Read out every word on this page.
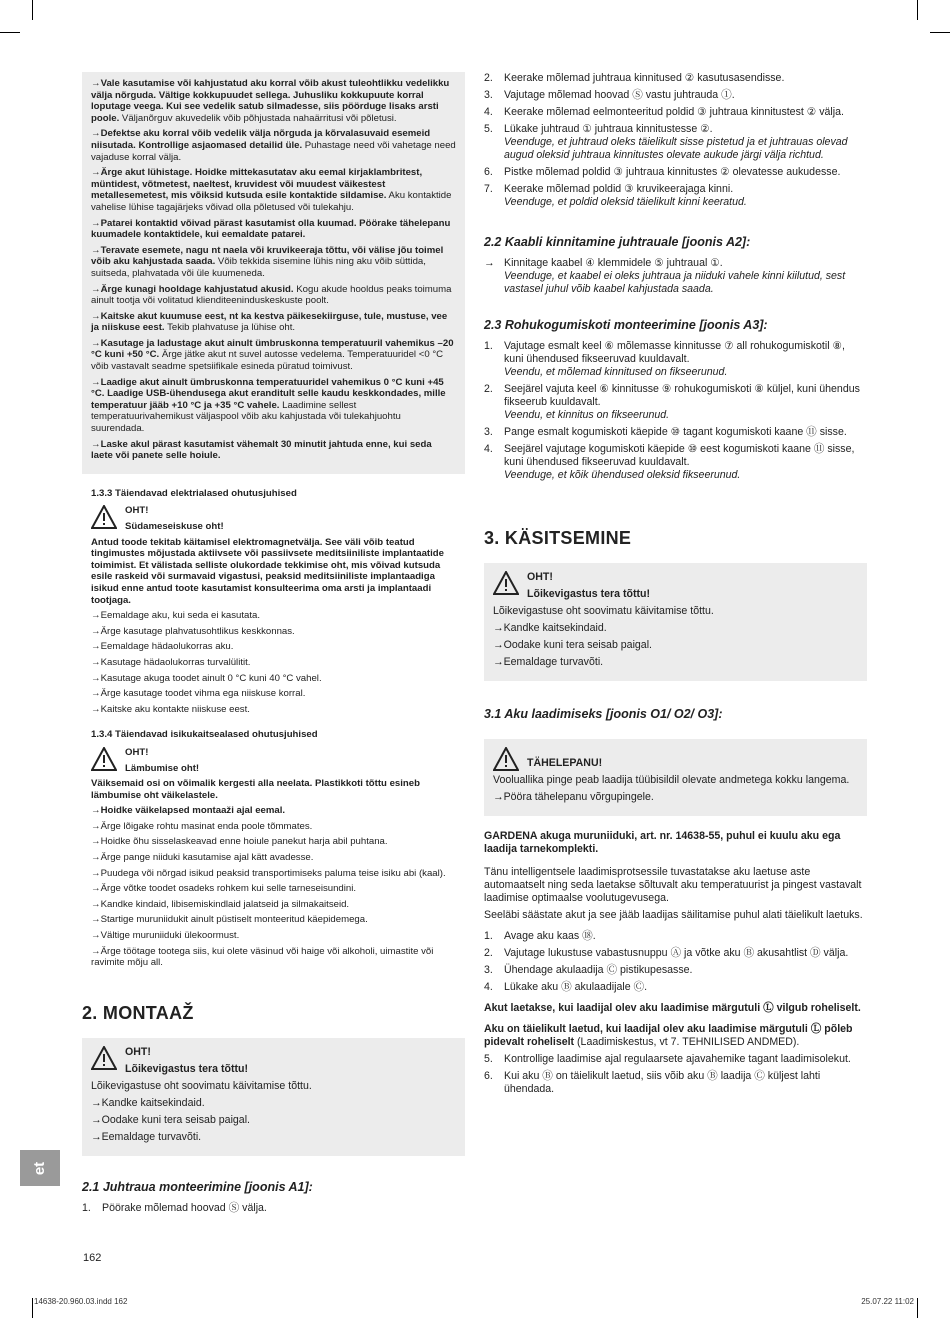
→ Vale kasutamise või kahjustatud aku korral võib akust tuleohtlikku vedelikku välja nõrguda. Vältige kokkupuudet sellega. Juhusliku kokkupuute korral loputage veega. Kui see vedelik satub silmadesse, siis pöörduge lisaks arsti poole. Väljanõrguv akuvedelik võib põhjustada nahaärritusi või põletusi.
→ Defektse aku korral võib vedelik välja nõrguda ja kõrvalasuvaid esemeid niisutada. Kontrollige asjaomased detailid üle. Puhastage need või vahetage need vajaduse korral välja.
→ Ärge akut lühistage. Hoidke mittekasutatav aku eemal kirjaklambritest, müntidest, võtmetest, naeltest, kruvidest või muudest väikestest metallesemetest, mis võiksid kutsuda esile kontaktide sildamise. Aku kontaktide vahelise lühise tagajärjeks võivad olla põletused või tulekahju.
→ Patarei kontaktid võivad pärast kasutamist olla kuumad. Pöörake tähelepanu kuumadele kontaktidele, kui eemaldate patarei.
→ Teravate esemete, nagu nt naela või kruvikeeraja tõttu, või välise jõu toimel võib aku kahjustada saada. Võib tekkida sisemine lühis ning aku võib süttida, suitseda, plahvatada või üle kuumeneda.
→ Ärge kunagi hooldage kahjustatud akusid. Kogu akude hooldus peaks toimuma ainult tootja või volitatud klienditeeninduskeskuste poolt.
→ Kaitske akut kuumuse eest, nt ka kestva päikesekiirguse, tule, mustuse, vee ja niiskuse eest. Tekib plahvatuse ja lühise oht.
→ Kasutage ja ladustage akut ainult ümbruskonna temperatuuril vahemikus –20 °C kuni +50 °C. Ärge jätke akut nt suvel autosse vedelema. Temperatuuridel <0 °C võib vastavalt seadme spetsiifikale esineda püratud toimivust.
→ Laadige akut ainult ümbruskonna temperatuuridel vahemikus 0 °C kuni +45 °C. Laadige USB-ühendusega akut eranditult selle kaudu keskkondades, mille temperatuur jääb +10 °C ja +35 °C vahele. Laadimine sellest temperatuurivahemikust väljaspool võib aku kahjustada või tulekahjuohtu suurendada.
→ Laske akul pärast kasutamist vähemalt 30 minutit jahtuda enne, kui seda laete või panete selle hoiule.
1.3.3 Täiendavad elektrialased ohutusjuhised
OHT!
Südameseiskuse oht!
Antud toode tekitab käitamisel elektromagnetvälja. See väli võib teatud tingimustes mõjustada aktiivsete või passiivsete meditsiiniliste implantaatide toimimist. Et välistada selliste olukordade tekkimise oht, mis võivad kutsuda esile raskeid või surmavaid vigastusi, peaksid meditsiiniliste implantaadiga isikud enne antud toote kasutamist konsulteerima oma arsti ja implantaadi tootjaga.
→ Eemaldage aku, kui seda ei kasutata.
→ Ärge kasutage plahvatusohtlikus keskkonnas.
→ Eemaldage hädaolukorras aku.
→ Kasutage hädaolukorras turvalülitit.
→ Kasutage akuga toodet ainult 0 °C kuni 40 °C vahel.
→ Ärge kasutage toodet vihma ega niiskuse korral.
→ Kaitske aku kontakte niiskuse eest.
1.3.4 Täiendavad isikukaitsealased ohutusjuhised
OHT!
Lämbumise oht!
Väiksemaid osi on võimalik kergesti alla neelata. Plastikkoti tõttu esineb lämbumise oht väikelastele.
→ Hoidke väikelapsed montaaži ajal eemal.
→ Ärge lõigake rohtu masinat enda poole tõmmates.
→ Hoidke õhu sisselaskeavad enne hoiule panekut harja abil puhtana.
→ Ärge pange niiduki kasutamise ajal kätt avadesse.
→ Puudega või nõrgad isikud peaksid transportimiseks paluma teise isiku abi (kaal).
→ Ärge võtke toodet osadeks rohkem kui selle tarneseisundini.
→ Kandke kindaid, libisemiskindlaid jalatseid ja silmakaitseid.
→ Startige muruniidukit ainult püstiselt monteeritud käepidemega.
→ Vältige muruniiduki ülekoormust.
→ Ärge töötage tootega siis, kui olete väsinud või haige või alkoholi, uimastite või ravimite mõju all.
2. MONTAAŽ
OHT!
Lõikevigastus tera tõttu!
Lõikevigastuse oht soovimatu käivitamise tõttu.
→ Kandke kaitsekindaid.
→ Oodake kuni tera seisab paigal.
→ Eemaldage turvavõti.
2.1 Juhtraua monteerimine [joonis A1]:
1.	Pöörake mõlemad hoovad Ⓢ välja.
2.	Keerake mõlemad juhtraua kinnitused ② kasutusasendisse.
3.	Vajutage mõlemad hoovad Ⓢ vastu juhtrauda ①.
4.	Keerake mõlemad eelmonteeritud poldid ③ juhtraua kinnitustest ② välja.
5.	Lükake juhtraud ① juhtraua kinnitustesse ②.
Veenduge, et juhtraud oleks täielikult sisse pistetud ja et juhtrauas olevad augud oleksid juhtraua kinnitustes olevate aukude järgi välja richtud.
6.	Pistke mõlemad poldid ③ juhtraua kinnitustes ② olevatesse aukudesse.
7.	Keerake mõlemad poldid ③ kruvikeerajaga kinni.
Veenduge, et poldid oleksid täielikult kinni keeratud.
2.2 Kaabli kinnitamine juhtrauale [joonis A2]:
→ Kinnitage kaabel ④ klemmidele ⑤ juhtraual ①.
Veenduge, et kaabel ei oleks juhtraua ja niiduki vahele kinni kiilutud, sest vastasel juhul võib kaabel kahjustada saada.
2.3 Rohukogumiskoti monteerimine [joonis A3]:
1.	Vajutage esmalt keel ⑥ mõlemasse kinnitusse ⑦ all rohukogumiskotil ⑧, kuni ühendused fikseeruvad kuuldavalt.
Veendu, et mõlemad kinnitused on fikseerunud.
2.	Seejärel vajuta keel ⑥ kinnitusse ⑨ rohukogumiskoti ⑧ küljel, kuni ühendus fikseerub kuuldavalt.
Veendu, et kinnitus on fikseerunud.
3.	Pange esmalt kogumiskoti käepide ⑩ tagant kogumiskoti kaane ⑪ sisse.
4.	Seejärel vajutage kogumiskoti käepide ⑩ eest kogumiskoti kaane ⑪ sisse, kuni ühendused fikseeruvad kuuldavalt.
Veenduge, et kõik ühendused oleksid fikseerunud.
3. KÄSITSEMINE
OHT!
Lõikevigastus tera tõttu!
Lõikevigastuse oht soovimatu käivitamise tõttu.
→ Kandke kaitsekindaid.
→ Oodake kuni tera seisab paigal.
→ Eemaldage turvavõti.
3.1 Aku laadimiseks [joonis O1/ O2/ O3]:
TÄHELEPANU!
Vooluallika pinge peab laadija tüübisildil olevate andmetega kokku langema.
→ Pööra tähelepanu võrgupingele.
GARDENA akuga muruniiduki, art. nr. 14638-55, puhul ei kuulu aku ega laadija tarnekomplekti.
Tänu intelligentsele laadimisprotsessile tuvastatakse aku laetuse aste automaatselt ning seda laetakse sõltuvalt aku temperatuurist ja pingest vastavalt laadimise optimaalse voolutugevusega.
Seeläbi säästate akut ja see jääb laadijas säilitamise puhul alati täielikult laetuks.
1.	Avage aku kaas ⑱.
2.	Vajutage lukustuse vabastusnuppu Ⓐ ja võtke aku Ⓑ akusahtlist Ⓓ välja.
3.	Ühendage akulaadija Ⓒ pistikupesasse.
4.	Lükake aku Ⓑ akulaadijale Ⓒ.
Akut laetakse, kui laadijal olev aku laadimise märgutuli Ⓛ vilgub roheliselt.
Aku on täielikult laetud, kui laadijal olev aku laadimise märgutuli Ⓛ põleb pidevalt roheliselt (Laadimiskestus, vt 7. TEHNILISED ANDMED).
5.	Kontrollige laadimise ajal regulaarsete ajavahemike tagant laadimisolekut.
6.	Kui aku Ⓑ on täielikult laetud, siis võib aku Ⓑ laadija Ⓒ küljest lahti ühendada.
et
162
14638-20.960.03.indd 162	25.07.22 11:02
